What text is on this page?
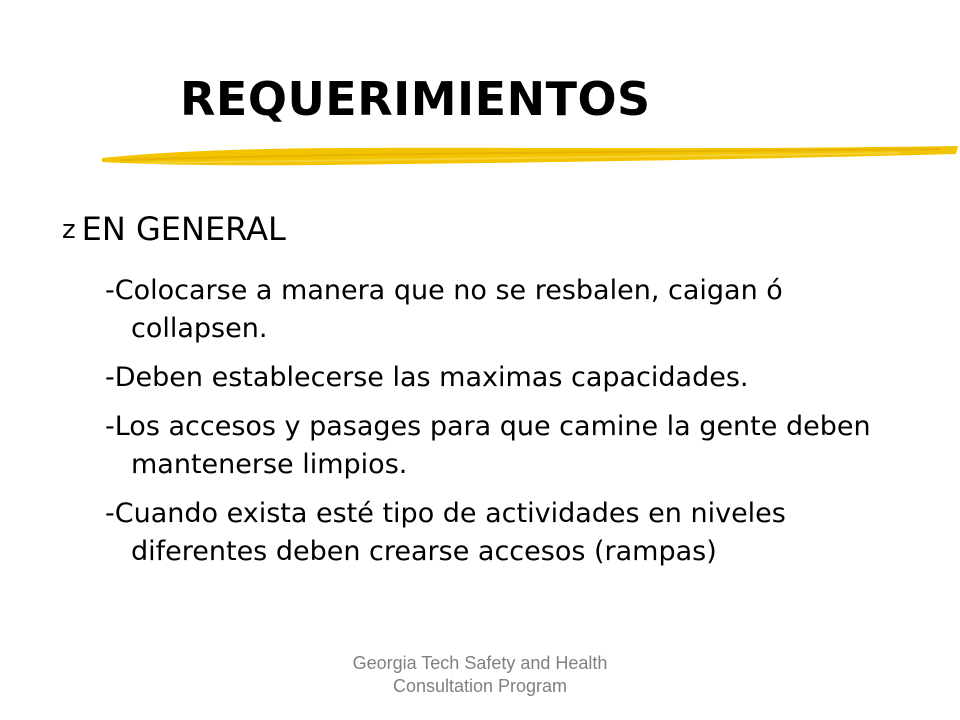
REQUERIMIENTOS
z EN GENERAL
-Colocarse a manera que no se resbalen, caigan ó collapsen.
-Deben establecerse las maximas capacidades.
-Los accesos y pasages para que camine la gente deben mantenerse limpios.
-Cuando exista esté tipo de actividades en niveles diferentes deben crearse accesos (rampas)
Georgia Tech Safety and Health
Consultation Program
